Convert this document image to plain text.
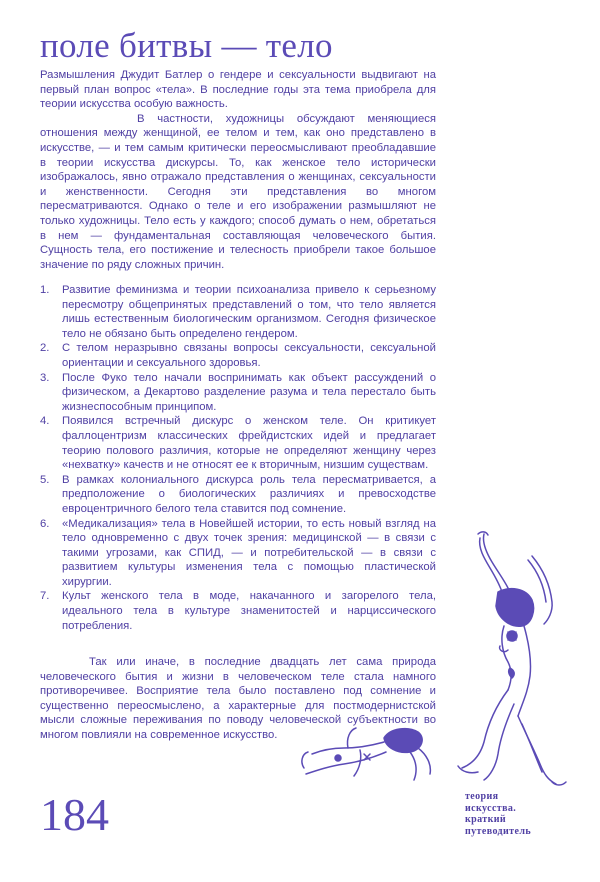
поле битвы — тело

Размышления Джудит Батлер о гендере и сексуальности выдвигают на первый план вопрос «тела». В последние годы эта тема приобрела для теории искусства особую важность.

В частности, художницы обсуждают меняющиеся отношения между женщиной, ее телом и тем, как оно представлено в искусстве, — и тем самым критически переосмысливают преобладавшие в теории искусства дискурсы. То, как женское тело исторически изображалось, явно отражало представления о женщинах, сексуальности и женственности. Сегодня эти представления во многом пересматриваются. Однако о теле и его изображении размышляют не только художницы. Тело есть у каждого; способ думать о нем, обретаться в нем — фундаментальная составляющая человеческого бытия. Сущность тела, его постижение и телесность приобрели такое большое значение по ряду сложных причин.

1.	Развитие феминизма и теории психоанализа привело к серьезному пересмотру общепринятых представлений о том, что тело является лишь естественным биологическим организмом. Сегодня физическое тело не обязано быть определено гендером.

2.	С телом неразрывно связаны вопросы сексуальности, сексуальной ориентации и сексуального здоровья.

3.	После Фуко тело начали воспринимать как объект рассуждений о физическом, а Декартово разделение разума и тела перестало быть жизнеспособным принципом.

4.	Появился встречный дискурс о женском теле. Он критикует фаллоцентризм классических фрейдистских идей и предлагает теорию полового различия, которые не определяют женщину через «нехватку» качеств и не относят ее к вторичным, низшим существам.

5.	В рамках колониального дискурса роль тела пересматривается, а предположение о биологических различиях и превосходстве евроцентричного белого тела ставится под сомнение.

6.	«Медикализация» тела в Новейшей истории, то есть новый взгляд на тело одновременно с двух точек зрения: медицинской — в связи с такими угрозами, как СПИД, — и потребительской — в связи с развитием культуры изменения тела с помощью пластической хирургии.

7.	Культ женского тела в моде, накачанного и загорелого тела, идеального тела в культуре знаменитостей и нарциссического потребления.

Так или иначе, в последние двадцать лет сама природа человеческого бытия и жизни в человеческом теле стала намного противоречивее. Восприятие тела было поставлено под сомнение и существенно переосмыслено, а характерные для постмодернистской мысли сложные переживания по поводу человеческой субъектности во многом повлияли на современное искусство.

184	теория
искусства.
краткий
путеводитель
